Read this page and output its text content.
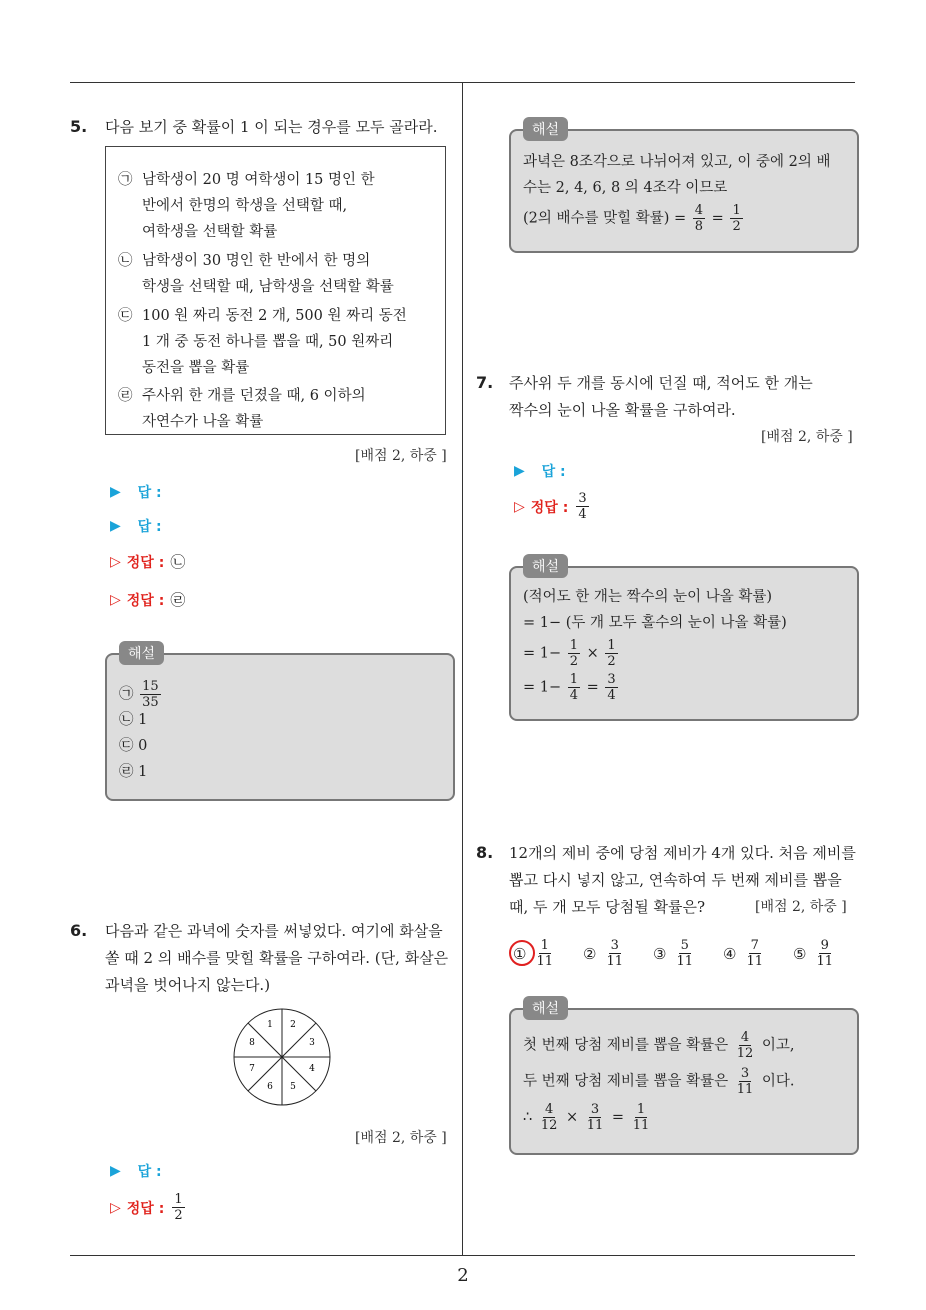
2
5. 다음 보기 중 확률이 1 이 되는 경우를 모두 골라라.
㉠ 남학생이 20 명 여학생이 15 명인 한
반에서 한명의 학생을 선택할 때,
여학생을 선택할 확률
㉡ 남학생이 30 명인 한 반에서 한 명의
학생을 선택할 때, 남학생을 선택할 확률
㉢ 100 원 짜리 동전 2 개, 500 원 짜리 동전
1 개 중 동전 하나를 뽑을 때, 50 원짜리
동전을 뽑을 확률
㉣ 주사위 한 개를 던졌을 때, 6 이하의
자연수가 나올 확률
[배점 2, 하중 ]
▶
답 :
▶
답 :
▷ 정답 : ㉡
▷ 정답 : ㉣
㉠ $\frac{15}{35}$
㉡ 1
㉢ 0
㉣ 1
해설
6. 다음과 같은 과녁에 숫자를 써넣었다. 여기에 화살을
쏠 때 2 의 배수를 맞힐 확률을 구하여라. (단, 화살은
과녁을 벗어나지 않는다.)
1 2
3
4
5
6
7
8
[배점 2, 하중 ]
▶
답 :
▷ 정답 : $\frac{1}{2}$
과녁은 8조각으로 나뉘어져 있고, 이 중에 2의 배
수는 2, 4, 6, 8 의 4조각 이므로
(2의 배수를 맞힐 확률) = $\frac{4}{8} = \frac{1}{2}$
해설
7. 주사위 두 개를 동시에 던질 때, 적어도 한 개는
짝수의 눈이 나올 확률을 구하여라.
[배점 2, 하중 ]
▶
답 :
▷ 정답 : $\frac{3}{4}$
(적어도 한 개는 짝수의 눈이 나올 확률)
= 1− (두 개 모두 홀수의 눈이 나올 확률)
= $1- \frac{1}{2} \times \frac{1}{2}$
= $1- \frac{1}{4} = \frac{3}{4}$
해설
8. 12개의 제비 중에 당첨 제비가 4개 있다. 처음 제비를
뽑고 다시 넣지 않고, 연속하여 두 번째 제비를 뽑을
때, 두 개 모두 당첨될 확률은?	[배점 2, 하중 ]
① $\frac{1}{11}$ ② $\frac{3}{11}$ ③ $\frac{5}{11}$ ④ $\frac{7}{11}$ ⑤ $\frac{9}{11}$
첫 번째 당첨 제비를 뽑을 확률은 $\frac{4}{12}$ 이고,
두 번째 당첨 제비를 뽑을 확률은 $\frac{3}{11}$ 이다.
∴ $\frac{4}{12} \times \frac{3}{11} = \frac{1}{11}$
해설
